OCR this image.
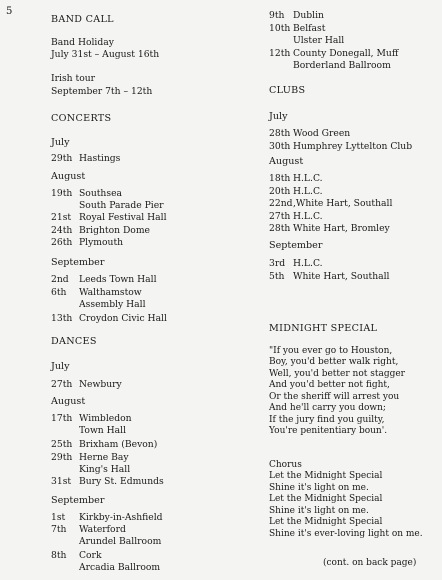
5
BAND CALL
Band Holiday
July 31st – August 16th
Irish tour
September 7th – 12th
CONCERTS
July
29th Hastings
August
19th Southsea
South Parade Pier
21st Royal Festival Hall
24th Brighton Dome
26th Plymouth
September
2nd Leeds Town Hall
6th Walthamstow
Assembly Hall
13th Croydon Civic Hall
DANCES
July
27th Newbury
August
17th Wimbledon
Town Hall
25th Brixham (Bevon)
29th Herne Bay
King's Hall
31st Bury St. Edmunds
September
1st Kirkby-in-Ashfield
7th Waterford
Arundel Ballroom
8th Cork
Arcadia Ballroom
9th Dublin
10th Belfast
Ulster Hall
12th County Donegall, Muff
Borderland Ballroom
CLUBS
July
28th Wood Green
30th Humphrey Lyttelton Club
August
18th H.L.C.
20th H.L.C.
22nd,White Hart, Southall
27th H.L.C.
28th White Hart, Bromley
September
3rd H.L.C.
5th White Hart, Southall
MIDNIGHT SPECIAL
"If you ever go to Houston,
Boy, you'd better walk right,
Well, you'd better not stagger
And you'd better not fight,
Or the sheriff will arrest you
And he'll carry you down;
If the jury find you guilty,
You're penitentiary boun'.
Chorus
Let the Midnight Special
Shine it's light on me.
Let the Midnight Special
Shine it's light on me.
Let the Midnight Special
Shine it's ever-loving light on me.
(cont. on back page)
